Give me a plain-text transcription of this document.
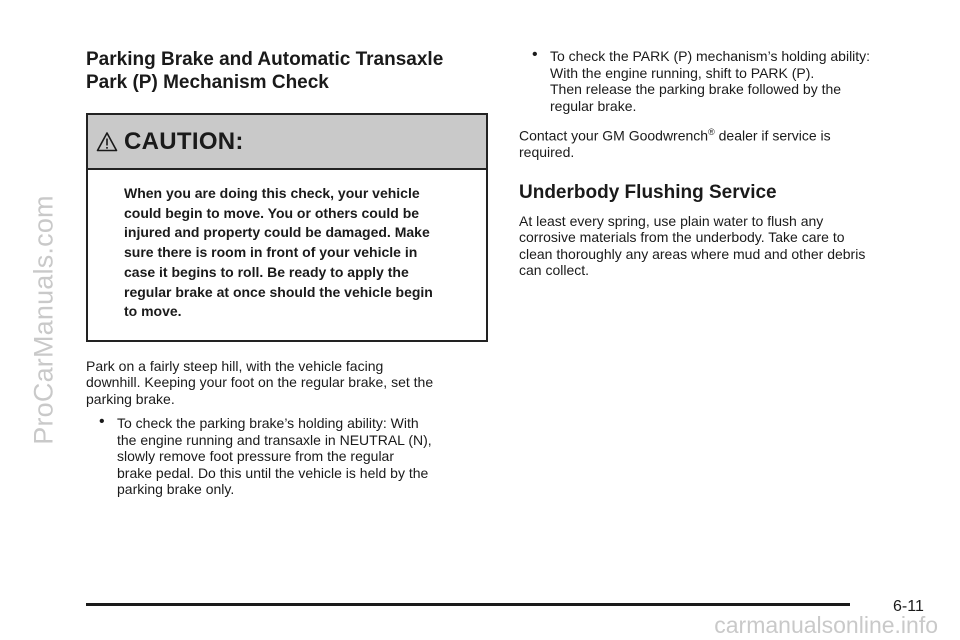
ProCarManuals.com
Parking Brake and Automatic Transaxle
Park (P) Mechanism Check
CAUTION:
When you are doing this check, your vehicle
could begin to move. You or others could be
injured and property could be damaged. Make
sure there is room in front of your vehicle in
case it begins to roll. Be ready to apply the
regular brake at once should the vehicle begin
to move.

Park on a fairly steep hill, with the vehicle facing
downhill. Keeping your foot on the regular brake, set the
parking brake.

• To check the parking brake’s holding ability: With
the engine running and transaxle in NEUTRAL (N),
slowly remove foot pressure from the regular
brake pedal. Do this until the vehicle is held by the
parking brake only.
• To check the PARK (P) mechanism’s holding ability:
With the engine running, shift to PARK (P).
Then release the parking brake followed by the
regular brake.

Contact your GM Goodwrench® dealer if service is
required.

Underbody Flushing Service

At least every spring, use plain water to flush any
corrosive materials from the underbody. Take care to
clean thoroughly any areas where mud and other debris
can collect.

6-11
carmanualsonline.info
